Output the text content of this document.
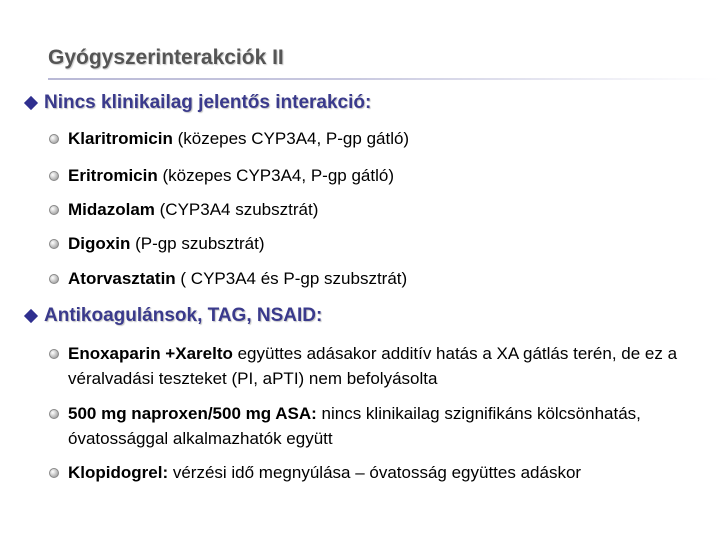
Gyógyszerinterakciók II
Nincs klinikailag jelentős interakció:
Klaritromicin (közepes CYP3A4, P-gp gátló)
Eritromicin (közepes CYP3A4, P-gp gátló)
Midazolam (CYP3A4 szubsztrát)
Digoxin (P-gp szubsztrát)
Atorvasztatin ( CYP3A4 és P-gp szubsztrát)
Antikoagulánsok, TAG, NSAID:
Enoxaparin +Xarelto együttes adásakor additív hatás a XA gátlás terén, de ez a véralvadási teszteket (PI, aPTI) nem befolyásolta
500 mg naproxen/500 mg ASA: nincs klinikailag szignifikáns kölcsönhatás, óvatossággal alkalmazhatók együtt
Klopidogrel: vérzési idő megnyúlása – óvatosság együttes adáskor
